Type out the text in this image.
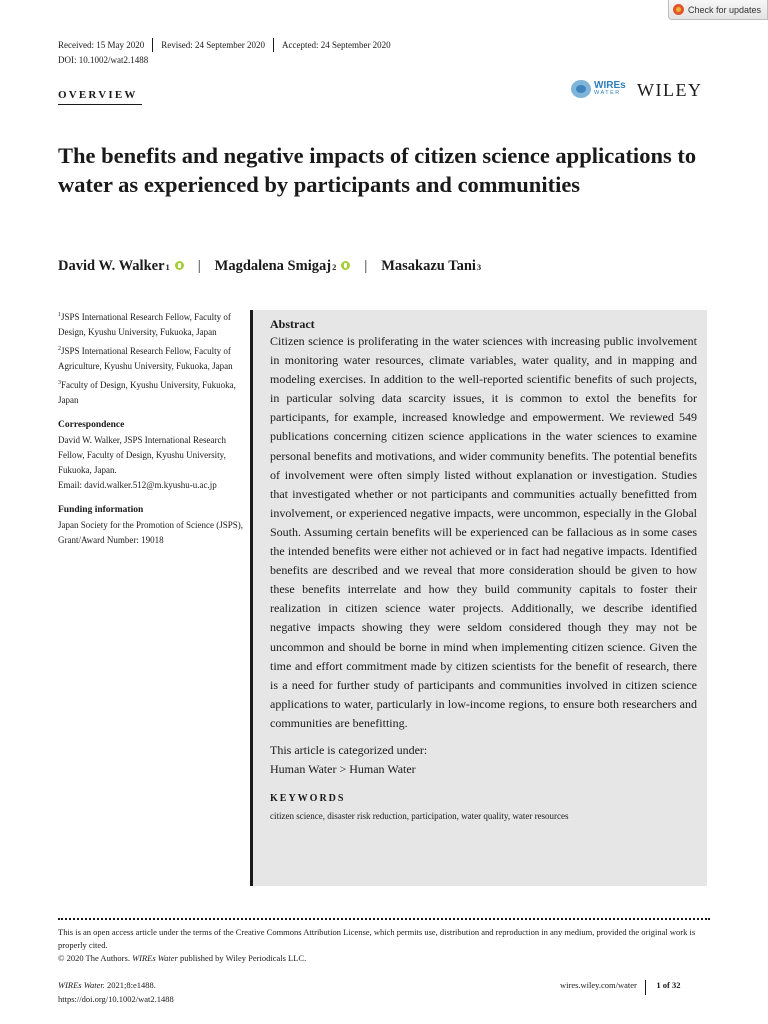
Check for updates
Received: 15 May 2020 Revised: 24 September 2020 Accepted: 24 September 2020
DOI: 10.1002/wat2.1488
OVERVIEW
WIREs
WATER WILEY
The benefits and negative impacts of citizen science applications to water as experienced by participants and communities
David W. Walker 1 | Magdalena Smigaj 2 | Masakazu Tani 3
$^1$JSPS International Research Fellow, Faculty of Design, Kyushu University, Fukuoka, Japan
$^2$JSPS International Research Fellow, Faculty of Agriculture, Kyushu University, Fukuoka, Japan
$^3$Faculty of Design, Kyushu University, Fukuoka, Japan
Correspondence
David W. Walker, JSPS International Research Fellow, Faculty of Design, Kyushu University, Fukuoka, Japan.
Email: david.walker.512@m.kyushu-u.ac.jp
Funding information
Japan Society for the Promotion of Science (JSPS), Grant/Award Number: 19018
Abstract
Citizen science is proliferating in the water sciences with increasing public involvement in monitoring water resources, climate variables, water quality, and in mapping and modeling exercises. In addition to the well-reported scientific benefits of such projects, in particular solving data scarcity issues, it is common to extol the benefits for participants, for example, increased knowledge and empowerment. We reviewed 549 publications concerning citizen science applications in the water sciences to examine personal benefits and motivations, and wider community benefits. The potential benefits of involvement were often simply listed without explanation or investigation. Studies that investigated whether or not participants and communities actually benefitted from involvement, or experienced negative impacts, were uncommon, especially in the Global South. Assuming certain benefits will be experienced can be fallacious as in some cases the intended benefits were either not achieved or in fact had negative impacts. Identified benefits are described and we reveal that more consideration should be given to how these benefits interrelate and how they build community capitals to foster their realization in citizen science water projects. Additionally, we describe identified negative impacts showing they were seldom considered though they may not be uncommon and should be borne in mind when implementing citizen science. Given the time and effort commitment made by citizen scientists for the benefit of research, there is a need for further study of participants and communities involved in citizen science applications to water, particularly in low-income regions, to ensure both researchers and communities are benefitting.
This article is categorized under:
Human Water > Human Water
KEYWORDS
citizen science, disaster risk reduction, participation, water quality, water resources
This is an open access article under the terms of the Creative Commons Attribution License, which permits use, distribution and reproduction in any medium, provided the original work is properly cited.
© 2020 The Authors. WIREs Water published by Wiley Periodicals LLC.
WIREs Water. 2021;8:e1488.
https://doi.org/10.1002/wat2.1488
wires.wiley.com/water 1 of 32
